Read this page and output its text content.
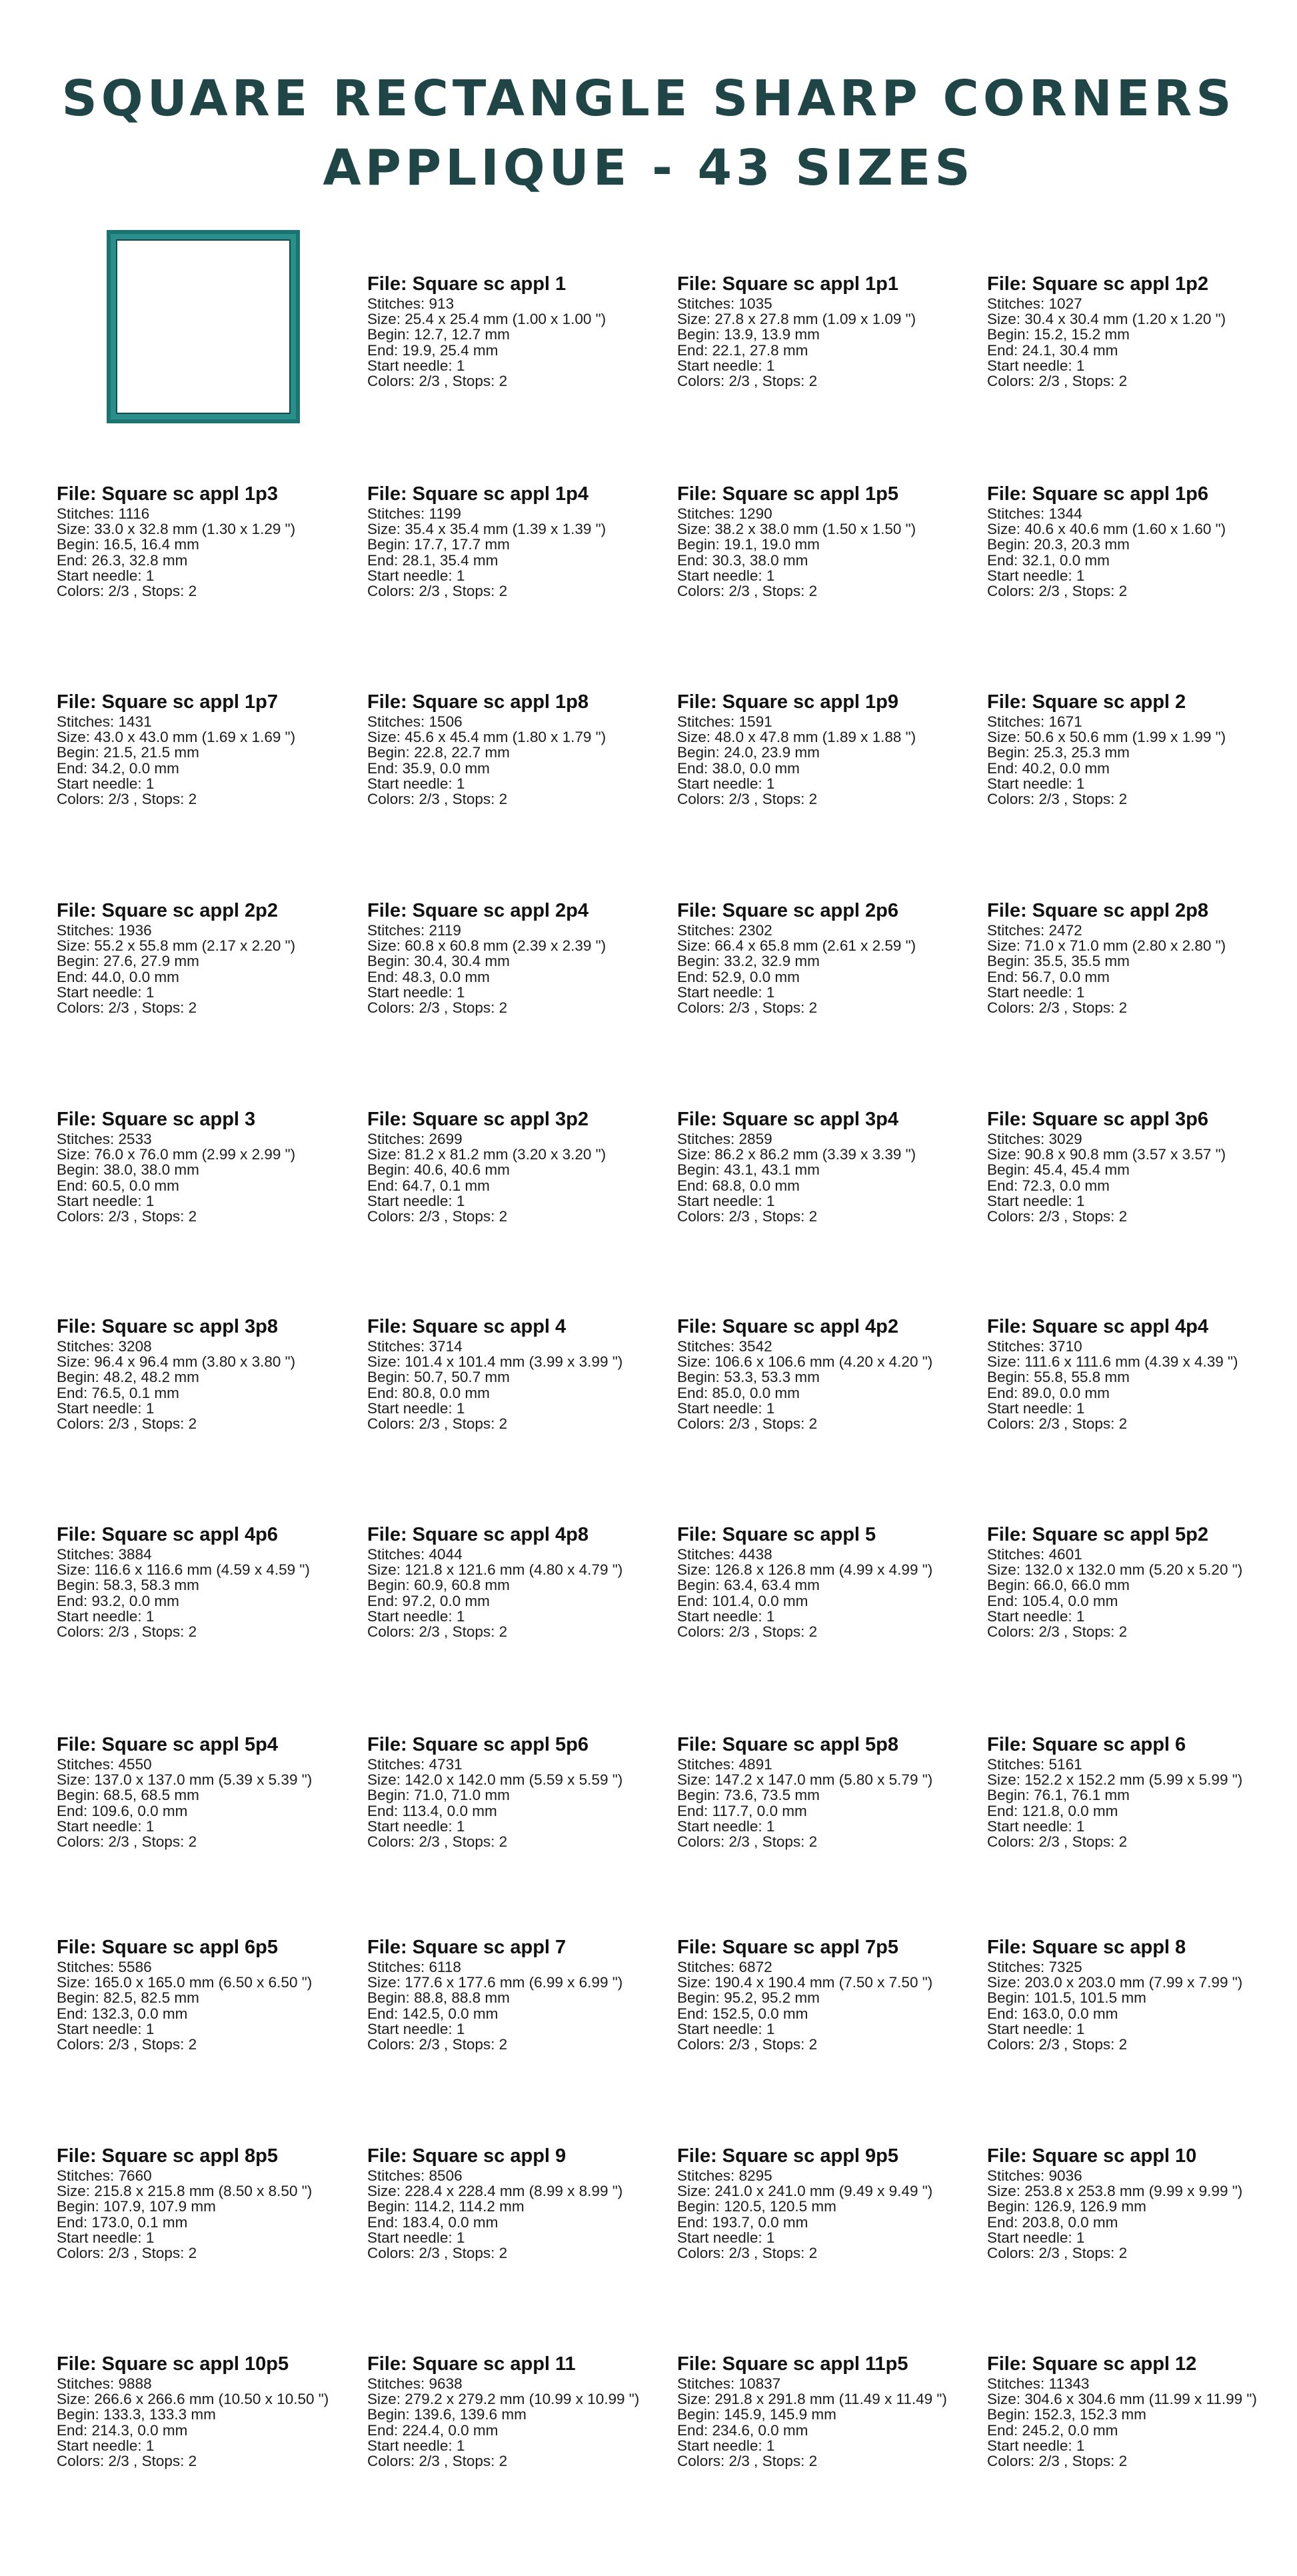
SQUARE RECTANGLE SHARP CORNERS
APPLIQUE - 43 SIZES
File: Square sc appl 1
Stitches: 913
Size: 25.4 x 25.4 mm (1.00 x 1.00 ")
Begin: 12.7, 12.7 mm
End: 19.9, 25.4 mm
Start needle: 1
Colors: 2/3 , Stops: 2
File: Square sc appl 1p1
Stitches: 1035
Size: 27.8 x 27.8 mm (1.09 x 1.09 ")
Begin: 13.9, 13.9 mm
End: 22.1, 27.8 mm
Start needle: 1
Colors: 2/3 , Stops: 2
File: Square sc appl 1p2
Stitches: 1027
Size: 30.4 x 30.4 mm (1.20 x 1.20 ")
Begin: 15.2, 15.2 mm
End: 24.1, 30.4 mm
Start needle: 1
Colors: 2/3 , Stops: 2
File: Square sc appl 1p3
Stitches: 1116
Size: 33.0 x 32.8 mm (1.30 x 1.29 ")
Begin: 16.5, 16.4 mm
End: 26.3, 32.8 mm
Start needle: 1
Colors: 2/3 , Stops: 2
File: Square sc appl 1p4
Stitches: 1199
Size: 35.4 x 35.4 mm (1.39 x 1.39 ")
Begin: 17.7, 17.7 mm
End: 28.1, 35.4 mm
Start needle: 1
Colors: 2/3 , Stops: 2
File: Square sc appl 1p5
Stitches: 1290
Size: 38.2 x 38.0 mm (1.50 x 1.50 ")
Begin: 19.1, 19.0 mm
End: 30.3, 38.0 mm
Start needle: 1
Colors: 2/3 , Stops: 2
File: Square sc appl 1p6
Stitches: 1344
Size: 40.6 x 40.6 mm (1.60 x 1.60 ")
Begin: 20.3, 20.3 mm
End: 32.1, 0.0 mm
Start needle: 1
Colors: 2/3 , Stops: 2
File: Square sc appl 1p7
Stitches: 1431
Size: 43.0 x 43.0 mm (1.69 x 1.69 ")
Begin: 21.5, 21.5 mm
End: 34.2, 0.0 mm
Start needle: 1
Colors: 2/3 , Stops: 2
File: Square sc appl 1p8
Stitches: 1506
Size: 45.6 x 45.4 mm (1.80 x 1.79 ")
Begin: 22.8, 22.7 mm
End: 35.9, 0.0 mm
Start needle: 1
Colors: 2/3 , Stops: 2
File: Square sc appl 1p9
Stitches: 1591
Size: 48.0 x 47.8 mm (1.89 x 1.88 ")
Begin: 24.0, 23.9 mm
End: 38.0, 0.0 mm
Start needle: 1
Colors: 2/3 , Stops: 2
File: Square sc appl 2
Stitches: 1671
Size: 50.6 x 50.6 mm (1.99 x 1.99 ")
Begin: 25.3, 25.3 mm
End: 40.2, 0.0 mm
Start needle: 1
Colors: 2/3 , Stops: 2
File: Square sc appl 2p2
Stitches: 1936
Size: 55.2 x 55.8 mm (2.17 x 2.20 ")
Begin: 27.6, 27.9 mm
End: 44.0, 0.0 mm
Start needle: 1
Colors: 2/3 , Stops: 2
File: Square sc appl 2p4
Stitches: 2119
Size: 60.8 x 60.8 mm (2.39 x 2.39 ")
Begin: 30.4, 30.4 mm
End: 48.3, 0.0 mm
Start needle: 1
Colors: 2/3 , Stops: 2
File: Square sc appl 2p6
Stitches: 2302
Size: 66.4 x 65.8 mm (2.61 x 2.59 ")
Begin: 33.2, 32.9 mm
End: 52.9, 0.0 mm
Start needle: 1
Colors: 2/3 , Stops: 2
File: Square sc appl 2p8
Stitches: 2472
Size: 71.0 x 71.0 mm (2.80 x 2.80 ")
Begin: 35.5, 35.5 mm
End: 56.7, 0.0 mm
Start needle: 1
Colors: 2/3 , Stops: 2
File: Square sc appl 3
Stitches: 2533
Size: 76.0 x 76.0 mm (2.99 x 2.99 ")
Begin: 38.0, 38.0 mm
End: 60.5, 0.0 mm
Start needle: 1
Colors: 2/3 , Stops: 2
File: Square sc appl 3p2
Stitches: 2699
Size: 81.2 x 81.2 mm (3.20 x 3.20 ")
Begin: 40.6, 40.6 mm
End: 64.7, 0.1 mm
Start needle: 1
Colors: 2/3 , Stops: 2
File: Square sc appl 3p4
Stitches: 2859
Size: 86.2 x 86.2 mm (3.39 x 3.39 ")
Begin: 43.1, 43.1 mm
End: 68.8, 0.0 mm
Start needle: 1
Colors: 2/3 , Stops: 2
File: Square sc appl 3p6
Stitches: 3029
Size: 90.8 x 90.8 mm (3.57 x 3.57 ")
Begin: 45.4, 45.4 mm
End: 72.3, 0.0 mm
Start needle: 1
Colors: 2/3 , Stops: 2
File: Square sc appl 3p8
Stitches: 3208
Size: 96.4 x 96.4 mm (3.80 x 3.80 ")
Begin: 48.2, 48.2 mm
End: 76.5, 0.1 mm
Start needle: 1
Colors: 2/3 , Stops: 2
File: Square sc appl 4
Stitches: 3714
Size: 101.4 x 101.4 mm (3.99 x 3.99 ")
Begin: 50.7, 50.7 mm
End: 80.8, 0.0 mm
Start needle: 1
Colors: 2/3 , Stops: 2
File: Square sc appl 4p2
Stitches: 3542
Size: 106.6 x 106.6 mm (4.20 x 4.20 ")
Begin: 53.3, 53.3 mm
End: 85.0, 0.0 mm
Start needle: 1
Colors: 2/3 , Stops: 2
File: Square sc appl 4p4
Stitches: 3710
Size: 111.6 x 111.6 mm (4.39 x 4.39 ")
Begin: 55.8, 55.8 mm
End: 89.0, 0.0 mm
Start needle: 1
Colors: 2/3 , Stops: 2
File: Square sc appl 4p6
Stitches: 3884
Size: 116.6 x 116.6 mm (4.59 x 4.59 ")
Begin: 58.3, 58.3 mm
End: 93.2, 0.0 mm
Start needle: 1
Colors: 2/3 , Stops: 2
File: Square sc appl 4p8
Stitches: 4044
Size: 121.8 x 121.6 mm (4.80 x 4.79 ")
Begin: 60.9, 60.8 mm
End: 97.2, 0.0 mm
Start needle: 1
Colors: 2/3 , Stops: 2
File: Square sc appl 5
Stitches: 4438
Size: 126.8 x 126.8 mm (4.99 x 4.99 ")
Begin: 63.4, 63.4 mm
End: 101.4, 0.0 mm
Start needle: 1
Colors: 2/3 , Stops: 2
File: Square sc appl 5p2
Stitches: 4601
Size: 132.0 x 132.0 mm (5.20 x 5.20 ")
Begin: 66.0, 66.0 mm
End: 105.4, 0.0 mm
Start needle: 1
Colors: 2/3 , Stops: 2
File: Square sc appl 5p4
Stitches: 4550
Size: 137.0 x 137.0 mm (5.39 x 5.39 ")
Begin: 68.5, 68.5 mm
End: 109.6, 0.0 mm
Start needle: 1
Colors: 2/3 , Stops: 2
File: Square sc appl 5p6
Stitches: 4731
Size: 142.0 x 142.0 mm (5.59 x 5.59 ")
Begin: 71.0, 71.0 mm
End: 113.4, 0.0 mm
Start needle: 1
Colors: 2/3 , Stops: 2
File: Square sc appl 5p8
Stitches: 4891
Size: 147.2 x 147.0 mm (5.80 x 5.79 ")
Begin: 73.6, 73.5 mm
End: 117.7, 0.0 mm
Start needle: 1
Colors: 2/3 , Stops: 2
File: Square sc appl 6
Stitches: 5161
Size: 152.2 x 152.2 mm (5.99 x 5.99 ")
Begin: 76.1, 76.1 mm
End: 121.8, 0.0 mm
Start needle: 1
Colors: 2/3 , Stops: 2
File: Square sc appl 6p5
Stitches: 5586
Size: 165.0 x 165.0 mm (6.50 x 6.50 ")
Begin: 82.5, 82.5 mm
End: 132.3, 0.0 mm
Start needle: 1
Colors: 2/3 , Stops: 2
File: Square sc appl 7
Stitches: 6118
Size: 177.6 x 177.6 mm (6.99 x 6.99 ")
Begin: 88.8, 88.8 mm
End: 142.5, 0.0 mm
Start needle: 1
Colors: 2/3 , Stops: 2
File: Square sc appl 7p5
Stitches: 6872
Size: 190.4 x 190.4 mm (7.50 x 7.50 ")
Begin: 95.2, 95.2 mm
End: 152.5, 0.0 mm
Start needle: 1
Colors: 2/3 , Stops: 2
File: Square sc appl 8
Stitches: 7325
Size: 203.0 x 203.0 mm (7.99 x 7.99 ")
Begin: 101.5, 101.5 mm
End: 163.0, 0.0 mm
Start needle: 1
Colors: 2/3 , Stops: 2
File: Square sc appl 8p5
Stitches: 7660
Size: 215.8 x 215.8 mm (8.50 x 8.50 ")
Begin: 107.9, 107.9 mm
End: 173.0, 0.1 mm
Start needle: 1
Colors: 2/3 , Stops: 2
File: Square sc appl 9
Stitches: 8506
Size: 228.4 x 228.4 mm (8.99 x 8.99 ")
Begin: 114.2, 114.2 mm
End: 183.4, 0.0 mm
Start needle: 1
Colors: 2/3 , Stops: 2
File: Square sc appl 9p5
Stitches: 8295
Size: 241.0 x 241.0 mm (9.49 x 9.49 ")
Begin: 120.5, 120.5 mm
End: 193.7, 0.0 mm
Start needle: 1
Colors: 2/3 , Stops: 2
File: Square sc appl 10
Stitches: 9036
Size: 253.8 x 253.8 mm (9.99 x 9.99 ")
Begin: 126.9, 126.9 mm
End: 203.8, 0.0 mm
Start needle: 1
Colors: 2/3 , Stops: 2
File: Square sc appl 10p5
Stitches: 9888
Size: 266.6 x 266.6 mm (10.50 x 10.50 ")
Begin: 133.3, 133.3 mm
End: 214.3, 0.0 mm
Start needle: 1
Colors: 2/3 , Stops: 2
File: Square sc appl 11
Stitches: 9638
Size: 279.2 x 279.2 mm (10.99 x 10.99 ")
Begin: 139.6, 139.6 mm
End: 224.4, 0.0 mm
Start needle: 1
Colors: 2/3 , Stops: 2
File: Square sc appl 11p5
Stitches: 10837
Size: 291.8 x 291.8 mm (11.49 x 11.49 ")
Begin: 145.9, 145.9 mm
End: 234.6, 0.0 mm
Start needle: 1
Colors: 2/3 , Stops: 2
File: Square sc appl 12
Stitches: 11343
Size: 304.6 x 304.6 mm (11.99 x 11.99 ")
Begin: 152.3, 152.3 mm
End: 245.2, 0.0 mm
Start needle: 1
Colors: 2/3 , Stops: 2
